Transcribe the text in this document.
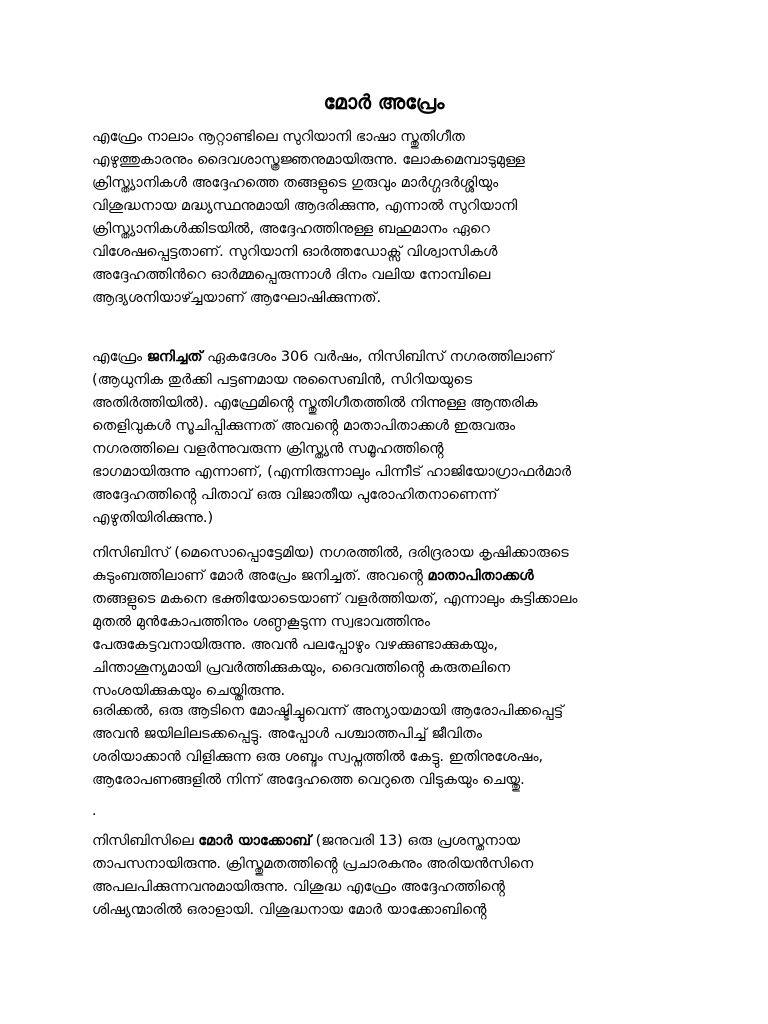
മോർ അപ്രേം

എഫ്രേം നാലാം നൂറ്റാണ്ടിലെ സുറിയാനി ഭാഷാ സ്തുതിഗീത
എഴുത്തുകാരനും ദൈവശാസ്ത്രജ്ഞനുമായിരുന്നു. ലോകമെമ്പാടുമുള്ള
ക്രിസ്ത്യാനികൾ അദ്ദേഹത്തെ തങ്ങളുടെ ഗുരുവും മാർഗ്ഗദർശ്ശിയും
വിശുദ്ധനായ മദ്ധ്യസ്ഥനുമായി ആദരിക്കുന്നു, എന്നാൽ സുറിയാനി
ക്രിസ്ത്യാനികൾക്കിടയിൽ, അദ്ദേഹത്തിനുള്ള ബഹുമാനം ഏറെ
വിശേഷപ്പെട്ടതാണ്. സുറിയാനി ഓർത്തഡോക്സ് വിശ്വാസികൾ
അദ്ദേഹത്തിൻറെ ഓർമ്മപ്പെരുന്നാൾ ദിനം വലിയ നോമ്പിലെ
ആദ്യശനിയാഴ്ച്ചയാണ് ആഘോഷിക്കുന്നത്.

എഫ്രേം ജനിച്ചത് ഏകദേശം 306 വർഷം, നിസിബിസ് നഗരത്തിലാണ്
(ആധുനിക തുർക്കി പട്ടണമായ നുസൈബിൻ, സിറിയയുടെ
അതിർത്തിയിൽ). എഫ്രേമിൻ്റെ സ്തുതിഗീതത്തിൽ നിന്നുള്ള ആന്തരിക
തെളിവുകൾ സൂചിപ്പിക്കുന്നത് അവൻ്റെ മാതാപിതാക്കൾ ഇരുവരും
നഗരത്തിലെ വളർന്നുവരുന്ന ക്രിസ്ത്യൻ സമൂഹത്തിൻ്റെ
ഭാഗമായിരുന്നു എന്നാണ്, (എന്നിരുന്നാലും പിന്നീട് ഹാജിയോഗ്രാഫർമാർ
അദ്ദേഹത്തിൻ്റെ പിതാവ് ഒരു വിജാതീയ പുരോഹിതനാണെന്ന്
എഴുതിയിരിക്കുന്നു.)

നിസിബിസ് (മെസൊപ്പൊട്ടേമിയ) നഗരത്തിൽ, ദരിദ്രരായ കൃഷിക്കാരുടെ
കുടുംബത്തിലാണ് മോർ അപ്രേം ജനിച്ചത്. അവൻ്റെ മാതാപിതാക്കൾ
തങ്ങളുടെ മകനെ ഭക്തിയോടെയാണ് വളർത്തിയത്, എന്നാലും കുട്ടിക്കാലം
മുതൽ മുൻകോപത്തിനും ശണ്ഠകൂടുന്ന സ്വഭാവത്തിനും
പേരുകേട്ടവനായിരുന്നു. അവൻ പലപ്പോഴും വഴക്കുണ്ടാക്കുകയും,
ചിന്താശൂന്യമായി പ്രവർത്തിക്കുകയും, ദൈവത്തിൻ്റെ കരുതലിനെ
സംശയിക്കുകയും ചെയ്തിരുന്നു.

ഒരിക്കൽ, ഒരു ആടിനെ മോഷ്ടിച്ചുവെന്ന് അന്യായമായി ആരോപിക്കപ്പെട്ട്
അവൻ ജയിലിലടക്കപ്പെട്ടു. അപ്പോൾ പശ്ചാത്തപിച്ച് ജീവിതം
ശരിയാക്കാൻ വിളിക്കുന്ന ഒരു ശബ്ദം സ്വപ്നത്തിൽ കേട്ടു. ഇതിനുശേഷം,
ആരോപണങ്ങളിൽ നിന്ന് അദ്ദേഹത്തെ വെറുതെ വിടുകയും ചെയ്തു.

.

നിസിബിസിലെ മോർ യാക്കോബ് (ജനുവരി 13) ഒരു പ്രശസ്തനായ
താപസനായിരുന്നു. ക്രിസ്തുമതത്തിൻ്റെ പ്രചാരകനും അരിയൻസിനെ
അപലപിക്കുന്നവനുമായിരുന്നു. വിശുദ്ധ എഫ്രേം അദ്ദേഹത്തിൻ്റെ
ശിഷ്യന്മാരിൽ ഒരാളായി. വിശുദ്ധനായ മോർ യാക്കോബിൻ്റെ
